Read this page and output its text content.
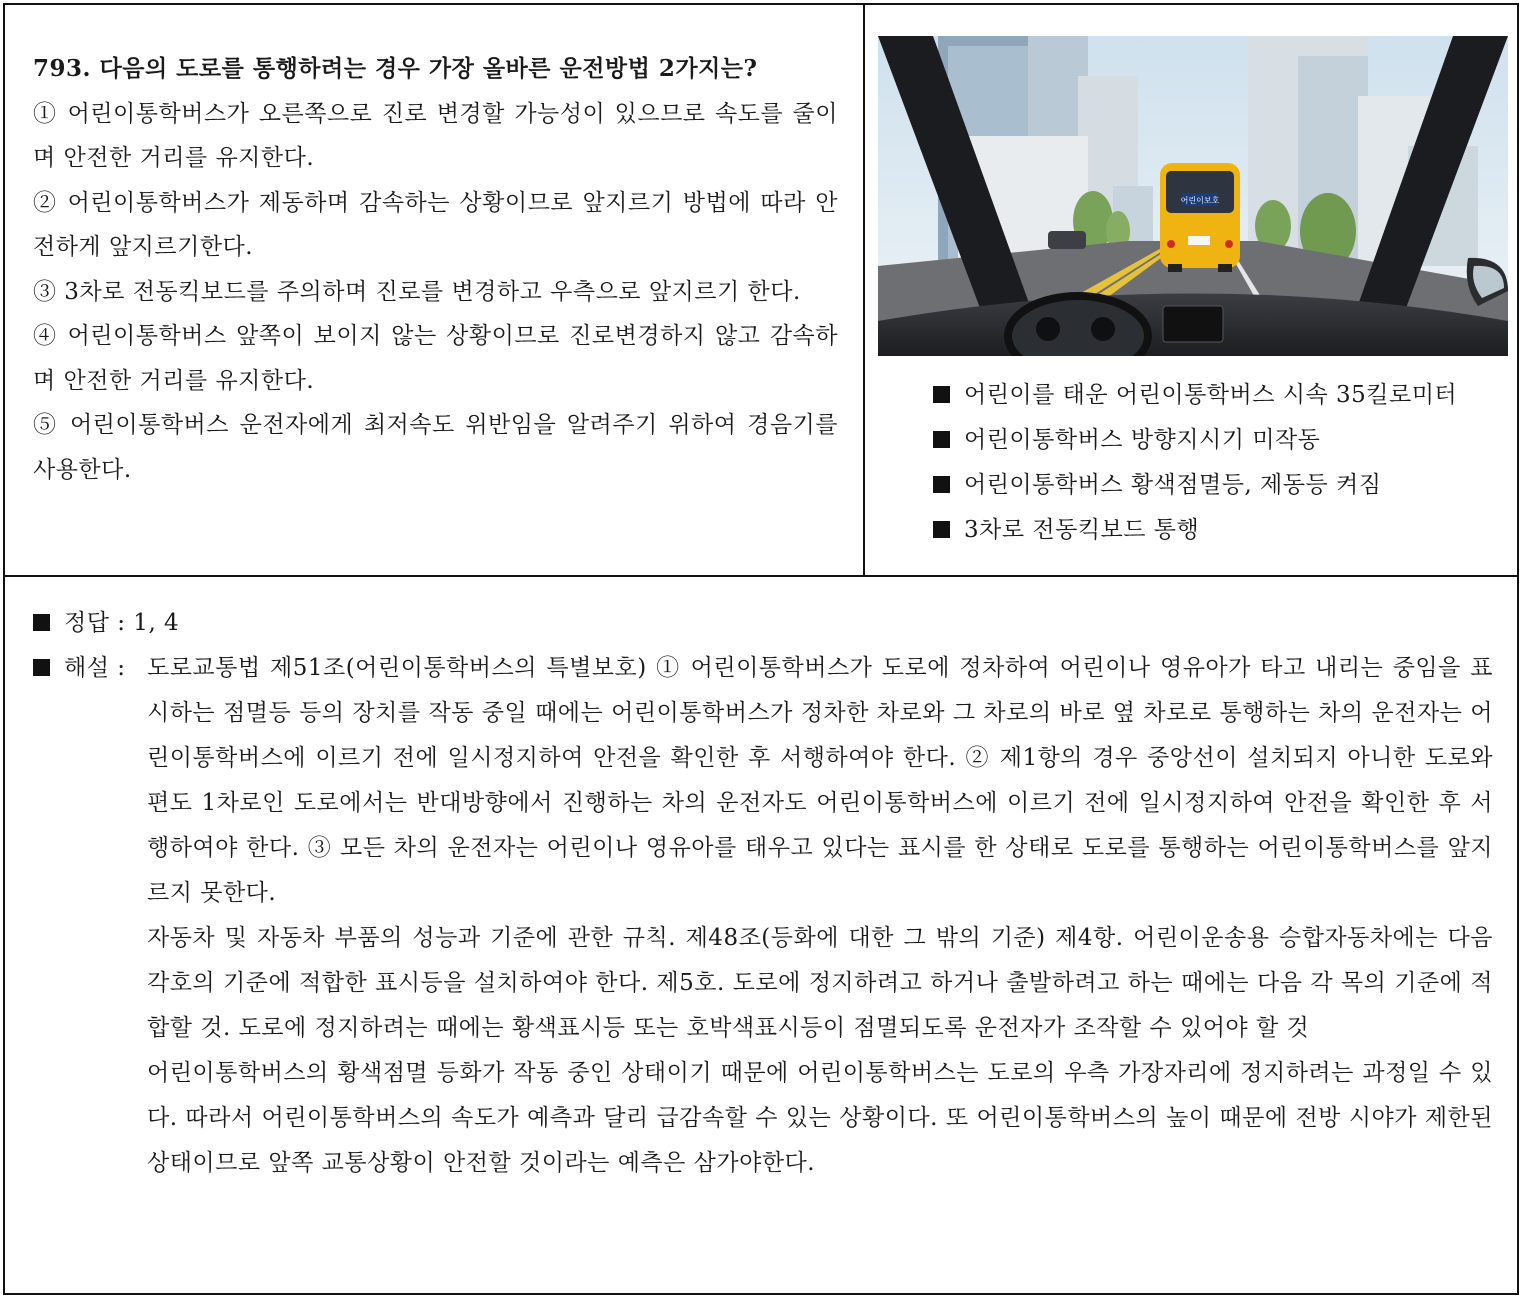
793. 다음의 도로를 통행하려는 경우 가장 올바른 운전방법 2가지는?
① 어린이통학버스가 오른쪽으로 진로 변경할 가능성이 있으므로 속도를 줄이며 안전한 거리를 유지한다.
② 어린이통학버스가 제동하며 감속하는 상황이므로 앞지르기 방법에 따라 안전하게 앞지르기한다.
③ 3차로 전동킥보드를 주의하며 진로를 변경하고 우측으로 앞지르기 한다.
④ 어린이통학버스 앞쪽이 보이지 않는 상황이므로 진로변경하지 않고 감속하며 안전한 거리를 유지한다.
⑤ 어린이통학버스 운전자에게 최저속도 위반임을 알려주기 위하여 경음기를 사용한다.
어린이보호
어린이를 태운 어린이통학버스 시속 35킬로미터
어린이통학버스 방향지시기 미작동
어린이통학버스 황색점멸등, 제동등 켜짐
3차로 전동킥보드 통행
정답 : 1, 4
해설 : 도로교통법 제51조(어린이통학버스의 특별보호) ① 어린이통학버스가 도로에 정차하여 어린이나 영유아가 타고 내리는 중임을 표시하는 점멸등 등의 장치를 작동 중일 때에는 어린이통학버스가 정차한 차로와 그 차로의 바로 옆 차로로 통행하는 차의 운전자는 어린이통학버스에 이르기 전에 일시정지하여 안전을 확인한 후 서행하여야 한다. ② 제1항의 경우 중앙선이 설치되지 아니한 도로와 편도 1차로인 도로에서는 반대방향에서 진행하는 차의 운전자도 어린이통학버스에 이르기 전에 일시정지하여 안전을 확인한 후 서행하여야 한다. ③ 모든 차의 운전자는 어린이나 영유아를 태우고 있다는 표시를 한 상태로 도로를 통행하는 어린이통학버스를 앞지르지 못한다.
자동차 및 자동차 부품의 성능과 기준에 관한 규칙. 제48조(등화에 대한 그 밖의 기준) 제4항. 어린이운송용 승합자동차에는 다음 각호의 기준에 적합한 표시등을 설치하여야 한다. 제5호. 도로에 정지하려고 하거나 출발하려고 하는 때에는 다음 각 목의 기준에 적합할 것. 도로에 정지하려는 때에는 황색표시등 또는 호박색표시등이 점멸되도록 운전자가 조작할 수 있어야 할 것
어린이통학버스의 황색점멸 등화가 작동 중인 상태이기 때문에 어린이통학버스는 도로의 우측 가장자리에 정지하려는 과정일 수 있다. 따라서 어린이통학버스의 속도가 예측과 달리 급감속할 수 있는 상황이다. 또 어린이통학버스의 높이 때문에 전방 시야가 제한된 상태이므로 앞쪽 교통상황이 안전할 것이라는 예측은 삼가야한다.
